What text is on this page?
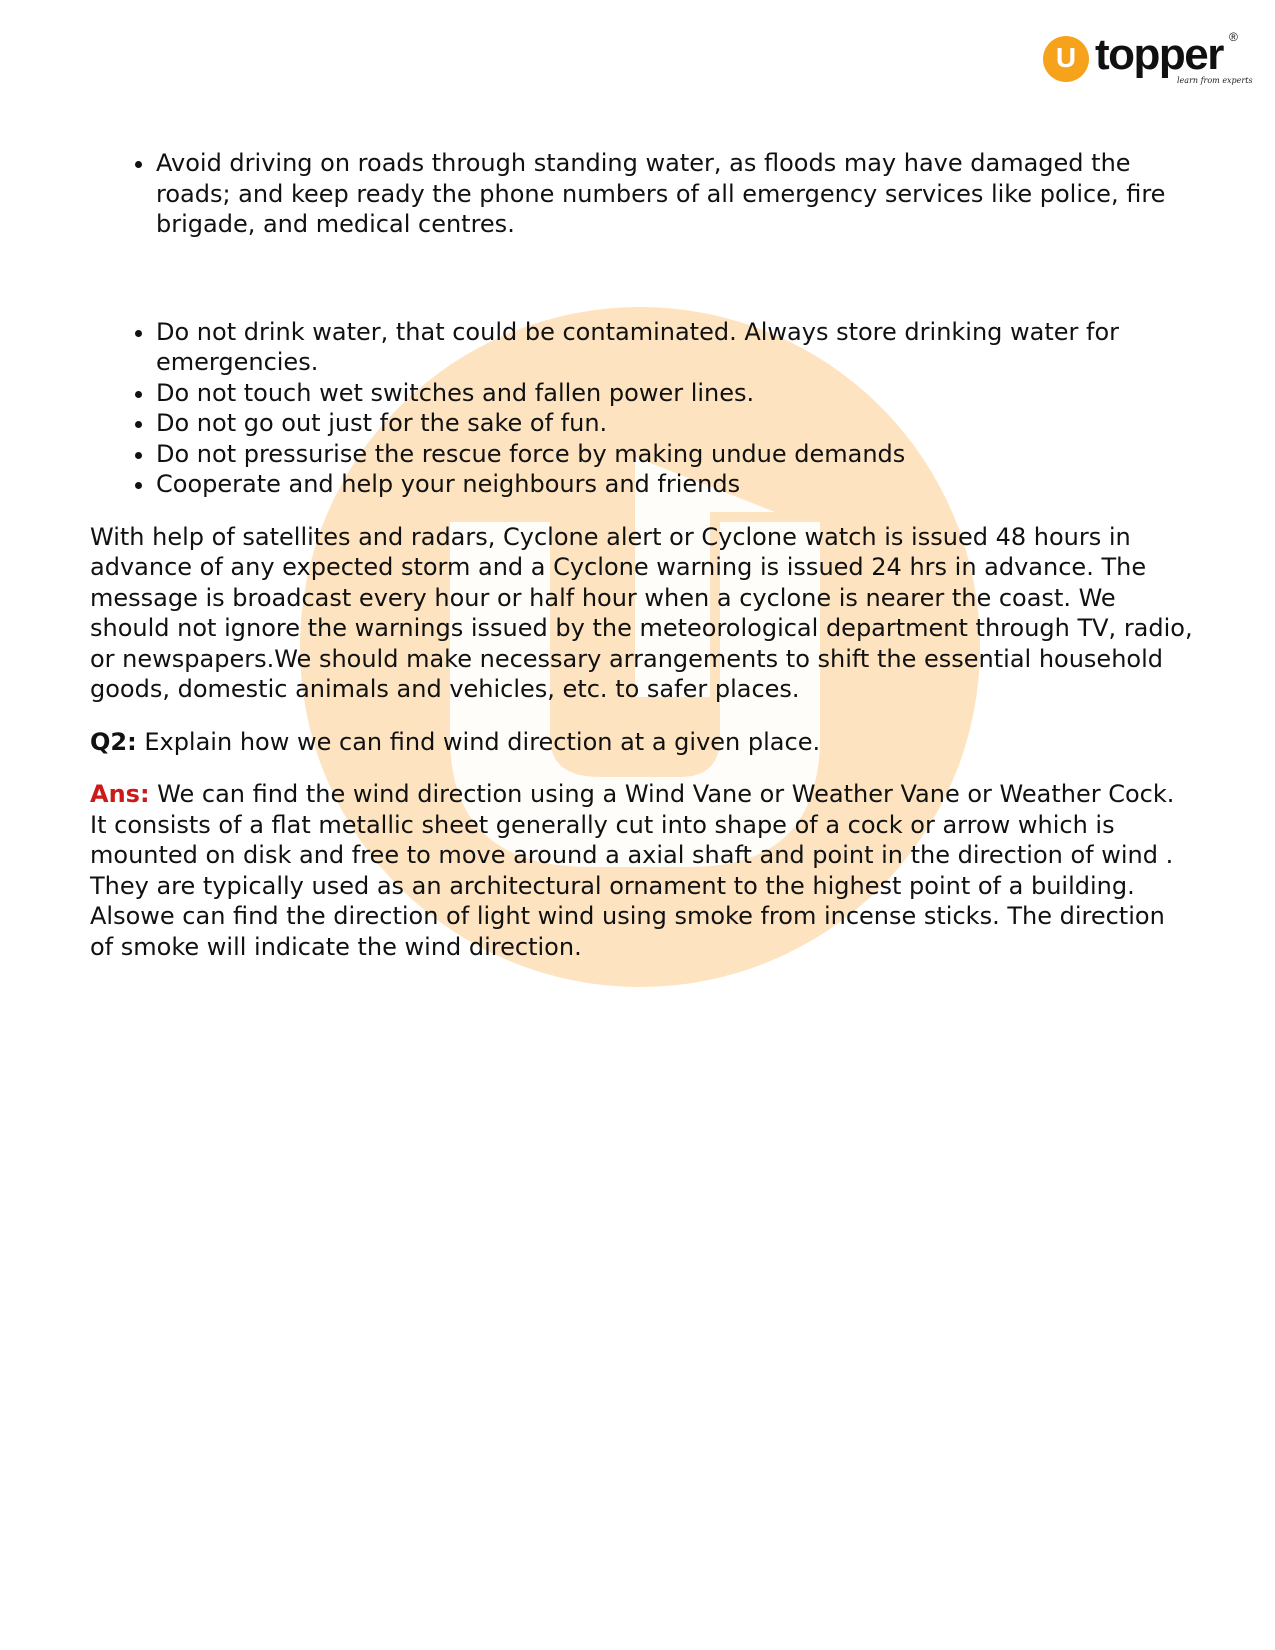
U topper ®
learn from experts
• Avoid driving on roads through standing water, as floods may have damaged the roads; and keep ready the phone numbers of all emergency services like police, fire brigade, and medical centres.
• Do not drink water, that could be contaminated. Always store drinking water for emergencies.
• Do not touch wet switches and fallen power lines.
• Do not go out just for the sake of fun.
• Do not pressurise the rescue force by making undue demands
• Cooperate and help your neighbours and friends

With help of satellites and radars, Cyclone alert or Cyclone watch is issued 48 hours in advance of any expected storm and a Cyclone warning is issued 24 hrs in advance. The message is broadcast every hour or half hour when a cyclone is nearer the coast. We should not ignore the warnings issued by the meteorological department through TV, radio, or newspapers.We should make necessary arrangements to shift the essential household goods, domestic animals and vehicles, etc. to safer places.

Q2: Explain how we can find wind direction at a given place.

Ans: We can find the wind direction using a Wind Vane or Weather Vane or Weather Cock. It consists of a flat metallic sheet generally cut into shape of a cock or arrow which is mounted on disk and free to move around a axial shaft and point in the direction of wind . They are typically used as an architectural ornament to the highest point of a building. Alsowe can find the direction of light wind using smoke from incense sticks. The direction of smoke will indicate the wind direction.
